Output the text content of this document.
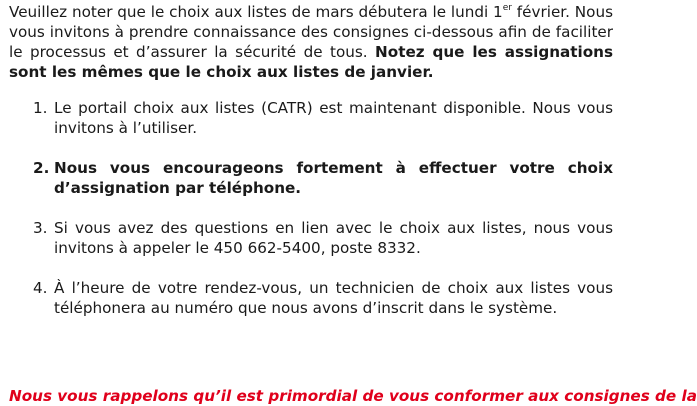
Veuillez noter que le choix aux listes de mars débutera le lundi 1er février. Nous vous invitons à prendre connaissance des consignes ci-dessous afin de faciliter le processus et d’assurer la sécurité de tous. Notez que les assignations sont les mêmes que le choix aux listes de janvier.

1. Le portail choix aux listes (CATR) est maintenant disponible. Nous vous invitons à l’utiliser.
2. Nous vous encourageons fortement à effectuer votre choix d’assignation par téléphone.
3. Si vous avez des questions en lien avec le choix aux listes, nous vous invitons à appeler le 450 662-5400, poste 8332.
4. À l’heure de votre rendez-vous, un technicien de choix aux listes vous téléphonera au numéro que nous avons d’inscrit dans le système.

Nous vous rappelons qu’il est primordial de vous conformer aux consignes de la
